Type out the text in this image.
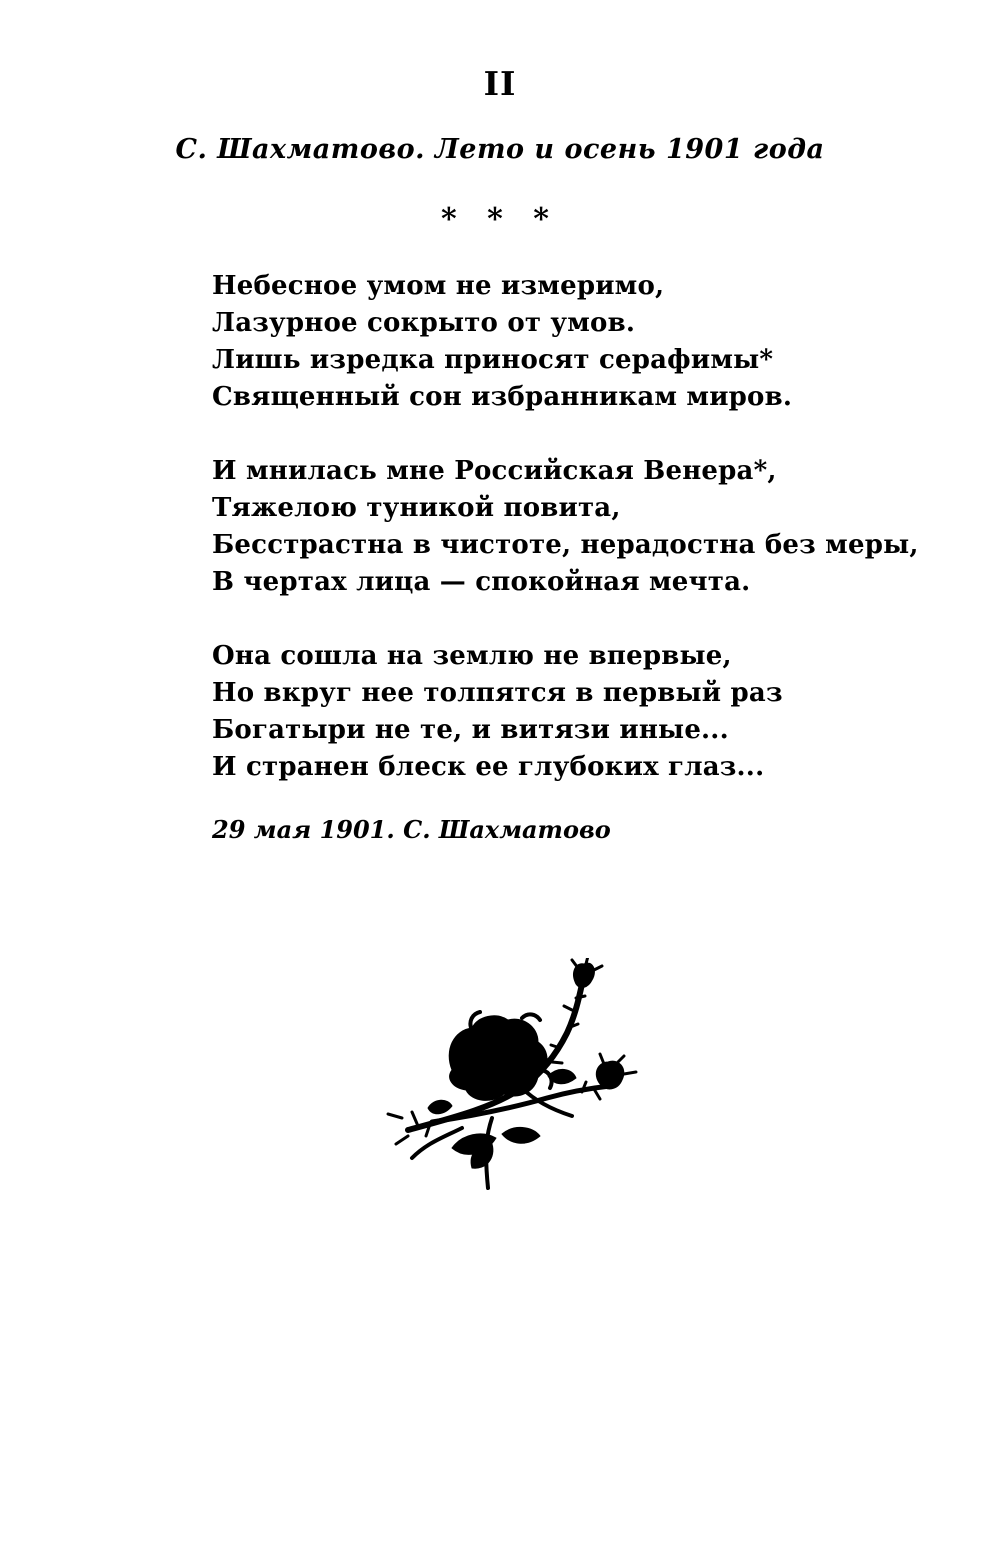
II
С. Шахматово. Лето и осень 1901 года
* * *
Небесное умом не измеримо,
Лазурное сокрыто от умов.
Лишь изредка приносят серафимы*
Священный сон избранникам миров.
И мнилась мне Российская Венера*,
Тяжелою туникой повита,
Бесстрастна в чистоте, нерадостна без меры,
В чертах лица — спокойная мечта.
Она сошла на землю не впервые,
Но вкруг нее толпятся в первый раз
Богатыри не те, и витязи иные...
И странен блеск ее глубоких глаз...
29 мая 1901. С. Шахматово
